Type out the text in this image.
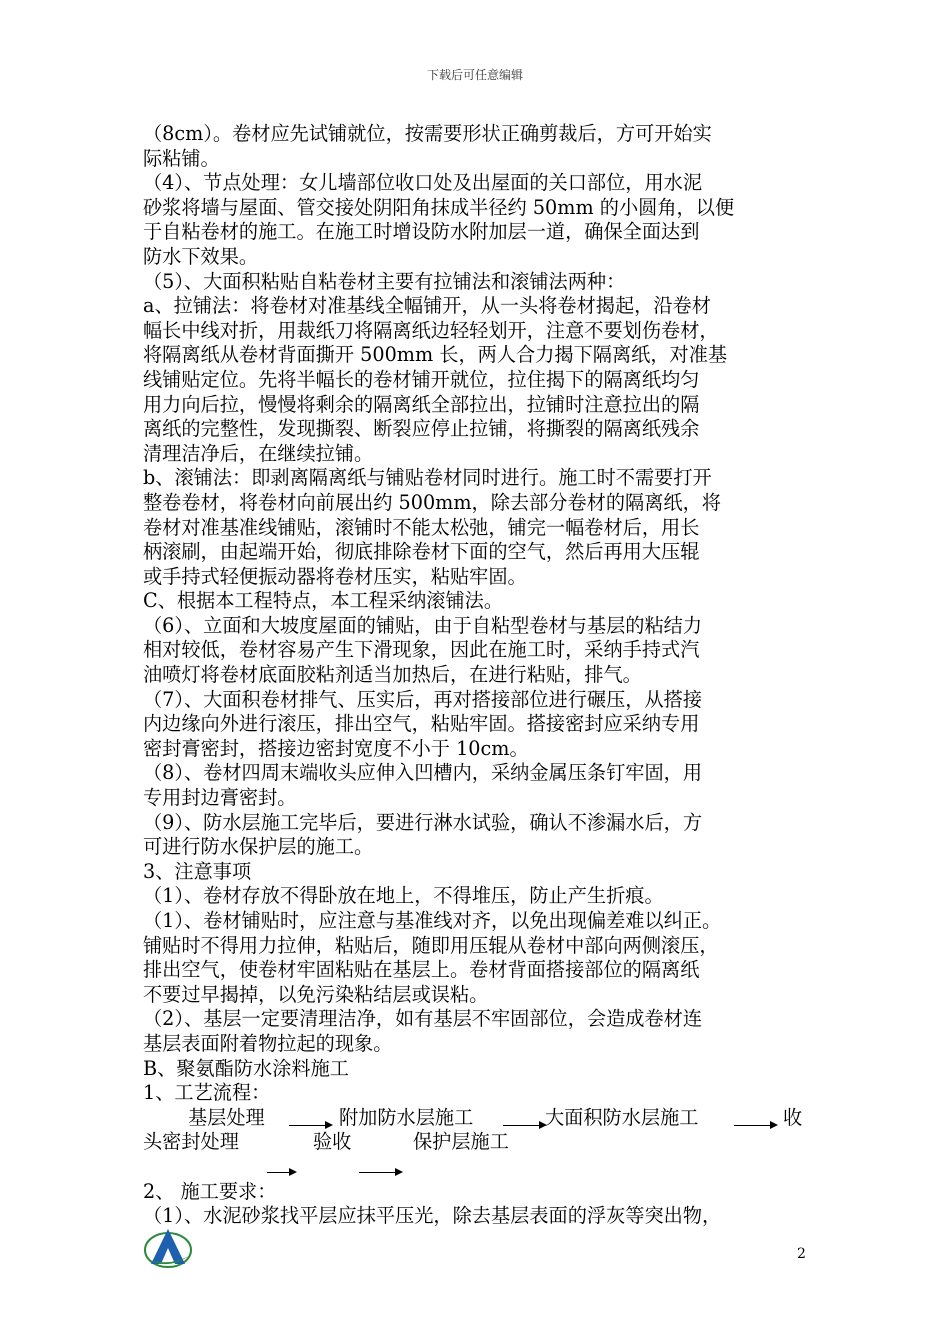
下载后可任意编辑

（8cm）。卷材应先试铺就位，按需要形状正确剪裁后，方可开始实

际粘铺。

（4）、节点处理：女儿墙部位收口处及出屋面的关口部位，用水泥

砂浆将墙与屋面、管交接处阴阳角抹成半径约 50mm 的小圆角，以便

于自粘卷材的施工。在施工时增设防水附加层一道，确保全面达到

防水下效果。

（5）、大面积粘贴自粘卷材主要有拉铺法和滚铺法两种：

a、拉铺法：将卷材对准基线全幅铺开，从一头将卷材揭起，沿卷材

幅长中线对折，用裁纸刀将隔离纸边轻轻划开，注意不要划伤卷材，

将隔离纸从卷材背面撕开 500mm 长，两人合力揭下隔离纸，对准基

线铺贴定位。先将半幅长的卷材铺开就位，拉住揭下的隔离纸均匀

用力向后拉，慢慢将剩余的隔离纸全部拉出，拉铺时注意拉出的隔

离纸的完整性，发现撕裂、断裂应停止拉铺，将撕裂的隔离纸残余

清理洁净后，在继续拉铺。

b、滚铺法：即剥离隔离纸与铺贴卷材同时进行。施工时不需要打开

整卷卷材，将卷材向前展出约 500mm，除去部分卷材的隔离纸，将

卷材对准基准线铺贴，滚铺时不能太松弛，铺完一幅卷材后，用长

柄滚刷，由起端开始，彻底排除卷材下面的空气，然后再用大压辊

或手持式轻便振动器将卷材压实，粘贴牢固。

C、根据本工程特点，本工程采纳滚铺法。

（6）、立面和大坡度屋面的铺贴，由于自粘型卷材与基层的粘结力

相对较低，卷材容易产生下滑现象，因此在施工时，采纳手持式汽

油喷灯将卷材底面胶粘剂适当加热后，在进行粘贴，排气。

（7）、大面积卷材排气、压实后，再对搭接部位进行碾压，从搭接

内边缘向外进行滚压，排出空气，粘贴牢固。搭接密封应采纳专用

密封膏密封，搭接边密封宽度不小于 10cm。

（8）、卷材四周末端收头应伸入凹槽内，采纳金属压条钉牢固，用

专用封边膏密封。

（9）、防水层施工完毕后，要进行淋水试验，确认不渗漏水后，方

可进行防水保护层的施工。

3、注意事项

（1）、卷材存放不得卧放在地上，不得堆压，防止产生折痕。

（1）、卷材铺贴时，应注意与基准线对齐，以免出现偏差难以纠正。

铺贴时不得用力拉伸，粘贴后，随即用压辊从卷材中部向两侧滚压，

排出空气，使卷材牢固粘贴在基层上。卷材背面搭接部位的隔离纸

不要过早揭掉，以免污染粘结层或误粘。

（2）、基层一定要清理洁净，如有基层不牢固部位，会造成卷材连

基层表面附着物拉起的现象。

B、聚氨酯防水涂料施工

1、工艺流程：

基层处理	附加防水层施工	大面积防水层施工	收
头密封处理	验收	保护层施工

2、 施工要求：

（1）、水泥砂浆找平层应抹平压光，除去基层表面的浮灰等突出物，

2
